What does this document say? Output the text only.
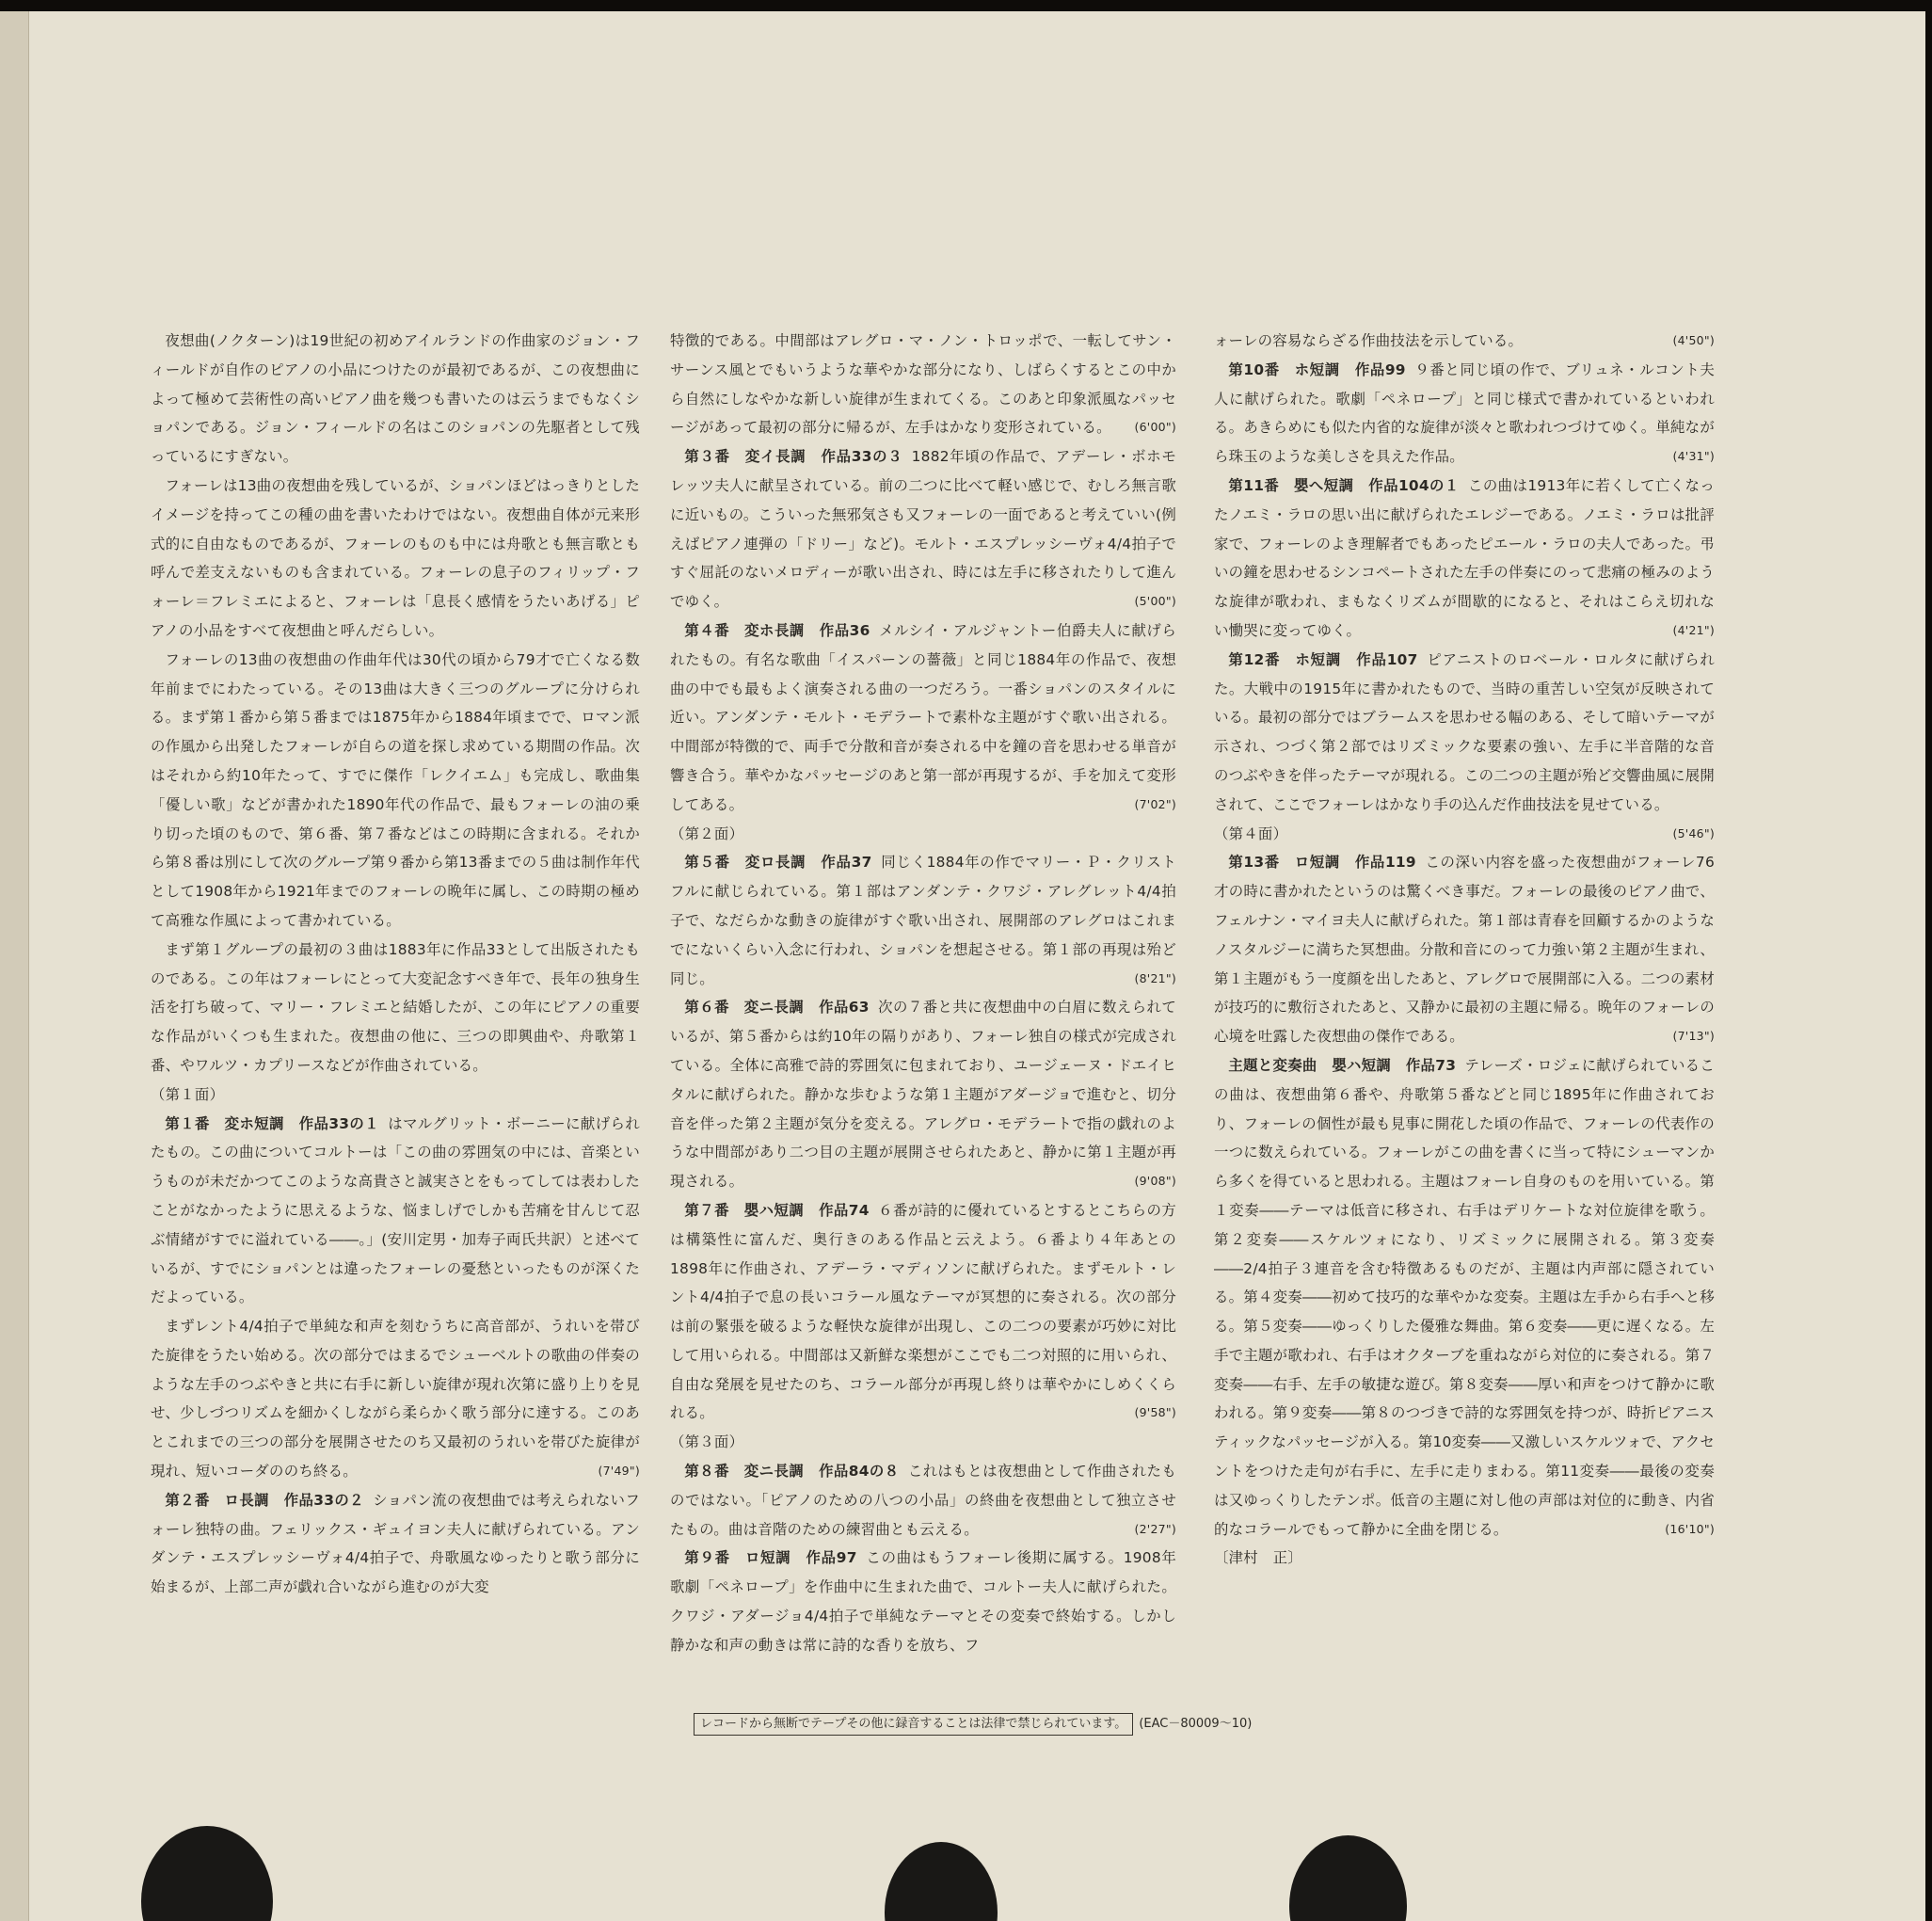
夜想曲(ノクターン)は19世紀の初めアイルランドの作曲家のジョン・フィールドが自作のピアノの小品につけたのが最初であるが、この夜想曲によって極めて芸術性の高いピアノ曲を幾つも書いたのは云うまでもなくショパンである。ジョン・フィールドの名はこのショパンの先駆者として残っているにすぎない。

フォーレは13曲の夜想曲を残しているが、ショパンほどはっきりとしたイメージを持ってこの種の曲を書いたわけではない。夜想曲自体が元来形式的に自由なものであるが、フォーレのものも中には舟歌とも無言歌とも呼んで差支えないものも含まれている。フォーレの息子のフィリップ・フォーレ＝フレミエによると、フォーレは「息長く感情をうたいあげる」ピアノの小品をすべて夜想曲と呼んだらしい。

フォーレの13曲の夜想曲の作曲年代は30代の頃から79才で亡くなる数年前までにわたっている。その13曲は大きく三つのグループに分けられる。まず第１番から第５番までは1875年から1884年頃までで、ロマン派の作風から出発したフォーレが自らの道を探し求めている期間の作品。次はそれから約10年たって、すでに傑作「レクイエム」も完成し、歌曲集「優しい歌」などが書かれた1890年代の作品で、最もフォーレの油の乗り切った頃のもので、第６番、第７番などはこの時期に含まれる。それから第８番は別にして次のグループ第９番から第13番までの５曲は制作年代として1908年から1921年までのフォーレの晩年に属し、この時期の極めて高雅な作風によって書かれている。

まず第１グループの最初の３曲は1883年に作品33として出版されたものである。この年はフォーレにとって大変記念すべき年で、長年の独身生活を打ち破って、マリー・フレミエと結婚したが、この年にピアノの重要な作品がいくつも生まれた。夜想曲の他に、三つの即興曲や、舟歌第１番、やワルツ・カプリースなどが作曲されている。

（第１面）

第１番　変ホ短調　作品33の１ はマルグリット・ボーニーに献げられたもの。この曲についてコルトーは「この曲の雰囲気の中には、音楽というものが未だかつてこのような高貴さと誠実さとをもってしては表わしたことがなかったように思えるような、悩ましげでしかも苦痛を甘んじて忍ぶ情緒がすでに溢れている――。」(安川定男・加寿子両氏共訳）と述べているが、すでにショパンとは違ったフォーレの憂愁といったものが深くただよっている。

まずレント4/4拍子で単純な和声を刻むうちに高音部が、うれいを帯びた旋律をうたい始める。次の部分ではまるでシューベルトの歌曲の伴奏のような左手のつぶやきと共に右手に新しい旋律が現れ次第に盛り上りを見せ、少しづつリズムを細かくしながら柔らかく歌う部分に達する。このあとこれまでの三つの部分を展開させたのち又最初のうれいを帯びた旋律が現れ、短いコーダののち終る。	(7'49")

第２番　ロ長調　作品33の２ ショパン流の夜想曲では考えられないフォーレ独特の曲。フェリックス・ギュイヨン夫人に献げられている。アンダンテ・エスプレッシーヴォ4/4拍子で、舟歌風なゆったりと歌う部分に始まるが、上部二声が戯れ合いながら進むのが大変

特徴的である。中間部はアレグロ・マ・ノン・トロッポで、一転してサン・サーンス風とでもいうような華やかな部分になり、しばらくするとこの中から自然にしなやかな新しい旋律が生まれてくる。このあと印象派風なパッセージがあって最初の部分に帰るが、左手はかなり変形されている。 (6'00")

第３番　変イ長調　作品33の３ 1882年頃の作品で、アデーレ・ボホモレッツ夫人に献呈されている。前の二つに比べて軽い感じで、むしろ無言歌に近いもの。こういった無邪気さも又フォーレの一面であると考えていい(例えばピアノ連弾の「ドリー」など)。モルト・エスプレッシーヴォ4/4拍子ですぐ屈託のないメロディーが歌い出され、時には左手に移されたりして進んでゆく。	(5'00")

第４番　変ホ長調　作品36 メルシイ・アルジャントー伯爵夫人に献げられたもの。有名な歌曲「イスパーンの薔薇」と同じ1884年の作品で、夜想曲の中でも最もよく演奏される曲の一つだろう。一番ショパンのスタイルに近い。アンダンテ・モルト・モデラートで素朴な主題がすぐ歌い出される。中間部が特徴的で、両手で分散和音が奏される中を鐘の音を思わせる単音が響き合う。華やかなパッセージのあと第一部が再現するが、手を加えて変形してある。	(7'02")

（第２面）

第５番　変ロ長調　作品37 同じく1884年の作でマリー・Ｐ・クリストフルに献じられている。第１部はアンダンテ・クワジ・アレグレット4/4拍子で、なだらかな動きの旋律がすぐ歌い出され、展開部のアレグロはこれまでにないくらい入念に行われ、ショパンを想起させる。第１部の再現は殆ど同じ。	(8'21")

第６番　変ニ長調　作品63 次の７番と共に夜想曲中の白眉に数えられているが、第５番からは約10年の隔りがあり、フォーレ独自の様式が完成されている。全体に高雅で詩的雰囲気に包まれており、ユージェーヌ・ドエイヒタルに献げられた。静かな歩むような第１主題がアダージョで進むと、切分音を伴った第２主題が気分を変える。アレグロ・モデラートで指の戯れのような中間部があり二つ目の主題が展開させられたあと、静かに第１主題が再現される。	(9'08")

第７番　嬰ハ短調　作品74 ６番が詩的に優れているとするとこちらの方は構築性に富んだ、奥行きのある作品と云えよう。６番より４年あとの1898年に作曲され、アデーラ・マディソンに献げられた。まずモルト・レント4/4拍子で息の長いコラール風なテーマが冥想的に奏される。次の部分は前の緊張を破るような軽快な旋律が出現し、この二つの要素が巧妙に対比して用いられる。中間部は又新鮮な楽想がここでも二つ対照的に用いられ、自由な発展を見せたのち、コラール部分が再現し終りは華やかにしめくくられる。	(9'58")

（第３面）

第８番　変ニ長調　作品84の８ これはもとは夜想曲として作曲されたものではない。「ピアノのための八つの小品」の終曲を夜想曲として独立させたもの。曲は音階のための練習曲とも云える。	(2'27")

第９番　ロ短調　作品97 この曲はもうフォーレ後期に属する。1908年歌劇「ペネロープ」を作曲中に生まれた曲で、コルトー夫人に献げられた。クワジ・アダージョ4/4拍子で単純なテーマとその変奏で終始する。しかし静かな和声の動きは常に詩的な香りを放ち、フ

ォーレの容易ならざる作曲技法を示している。	(4'50")

第10番　ホ短調　作品99 ９番と同じ頃の作で、ブリュネ・ルコント夫人に献げられた。歌劇「ペネロープ」と同じ様式で書かれているといわれる。あきらめにも似た内省的な旋律が淡々と歌われつづけてゆく。単純ながら珠玉のような美しさを具えた作品。	(4'31")

第11番　嬰へ短調　作品104の１ この曲は1913年に若くして亡くなったノエミ・ラロの思い出に献げられたエレジーである。ノエミ・ラロは批評家で、フォーレのよき理解者でもあったピエール・ラロの夫人であった。弔いの鐘を思わせるシンコペートされた左手の伴奏にのって悲痛の極みのような旋律が歌われ、まもなくリズムが間歇的になると、それはこらえ切れない慟哭に変ってゆく。	(4'21")

第12番　ホ短調　作品107 ピアニストのロベール・ロルタに献げられた。大戦中の1915年に書かれたもので、当時の重苦しい空気が反映されている。最初の部分ではブラームスを思わせる幅のある、そして暗いテーマが示され、つづく第２部ではリズミックな要素の強い、左手に半音階的な音のつぶやきを伴ったテーマが現れる。この二つの主題が殆ど交響曲風に展開されて、ここでフォーレはかなり手の込んだ作曲技法を見せている。
(5'46")

（第４面）

第13番　ロ短調　作品119 この深い内容を盛った夜想曲がフォーレ76才の時に書かれたというのは驚くべき事だ。フォーレの最後のピアノ曲で、フェルナン・マイヨ夫人に献げられた。第１部は青春を回顧するかのようなノスタルジーに満ちた冥想曲。分散和音にのって力強い第２主題が生まれ、第１主題がもう一度顔を出したあと、アレグロで展開部に入る。二つの素材が技巧的に敷衍されたあと、又静かに最初の主題に帰る。晩年のフォーレの心境を吐露した夜想曲の傑作である。	(7'13")

主題と変奏曲　嬰ハ短調　作品73 テレーズ・ロジェに献げられているこの曲は、夜想曲第６番や、舟歌第５番などと同じ1895年に作曲されており、フォーレの個性が最も見事に開花した頃の作品で、フォーレの代表作の一つに数えられている。フォーレがこの曲を書くに当って特にシューマンから多くを得ていると思われる。主題はフォーレ自身のものを用いている。第１変奏――テーマは低音に移され、右手はデリケートな対位旋律を歌う。第２変奏――スケルツォになり、リズミックに展開される。第３変奏――2/4拍子３連音を含む特徴あるものだが、主題は内声部に隠されている。第４変奏――初めて技巧的な華やかな変奏。主題は左手から右手へと移る。第５変奏――ゆっくりした優雅な舞曲。第６変奏――更に遅くなる。左手で主題が歌われ、右手はオクターブを重ねながら対位的に奏される。第７変奏――右手、左手の敏捷な遊び。第８変奏――厚い和声をつけて静かに歌われる。第９変奏――第８のつづきで詩的な雰囲気を持つが、時折ピアニスティックなパッセージが入る。第10変奏――又激しいスケルツォで、アクセントをつけた走句が右手に、左手に走りまわる。第11変奏――最後の変奏は又ゆっくりしたテンポ。低音の主題に対し他の声部は対位的に動き、内省的なコラールでもって静かに全曲を閉じる。	(16'10")

〔津村　正〕

レコードから無断でテープその他に録音することは法律で禁じられています。 (EAC－80009～10)
